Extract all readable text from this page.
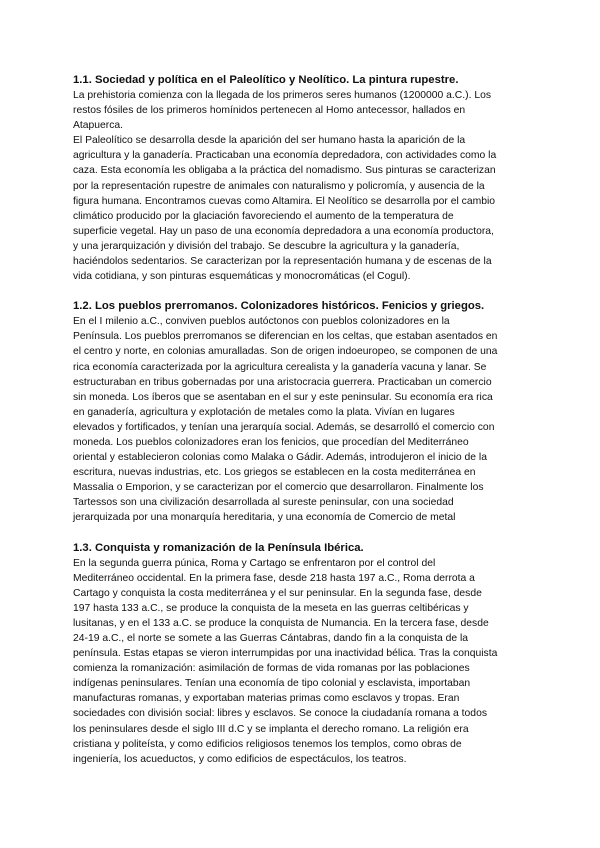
1.1. Sociedad y política en el Paleolítico y Neolítico. La pintura rupestre.

La prehistoria comienza con la llegada de los primeros seres humanos (1200000 a.C.). Los
restos fósiles de los primeros homínidos pertenecen al Homo antecessor, hallados en
Atapuerca.
El Paleolítico se desarrolla desde la aparición del ser humano hasta la aparición de la
agricultura y la ganadería. Practicaban una economía depredadora, con actividades como la
caza. Esta economía les obligaba a la práctica del nomadismo. Sus pinturas se caracterizan
por la representación rupestre de animales con naturalismo y policromía, y ausencia de la
figura humana. Encontramos cuevas como Altamira. El Neolítico se desarrolla por el cambio
climático producido por la glaciación favoreciendo el aumento de la temperatura de
superficie vegetal. Hay un paso de una economía depredadora a una economía productora,
y una jerarquización y división del trabajo. Se descubre la agricultura y la ganadería,
haciéndolos sedentarios. Se caracterizan por la representación humana y de escenas de la
vida cotidiana, y son pinturas esquemáticas y monocromáticas (el Cogul).

1.2. Los pueblos prerromanos. Colonizadores históricos. Fenicios y griegos.

En el I milenio a.C., conviven pueblos autóctonos con pueblos colonizadores en la
Península. Los pueblos prerromanos se diferencian en los celtas, que estaban asentados en
el centro y norte, en colonias amuralladas. Son de origen indoeuropeo, se componen de una
rica economía caracterizada por la agricultura cerealista y la ganadería vacuna y lanar. Se
estructuraban en tribus gobernadas por una aristocracia guerrera. Practicaban un comercio
sin moneda. Los íberos que se asentaban en el sur y este peninsular. Su economía era rica
en ganadería, agricultura y explotación de metales como la plata. Vivían en lugares
elevados y fortificados, y tenían una jerarquía social. Además, se desarrolló el comercio con
moneda. Los pueblos colonizadores eran los fenicios, que procedían del Mediterráneo
oriental y establecieron colonias como Malaka o Gádir. Además, introdujeron el inicio de la
escritura, nuevas industrias, etc. Los griegos se establecen en la costa mediterránea en
Massalia o Emporion, y se caracterizan por el comercio que desarrollaron. Finalmente los
Tartessos son una civilización desarrollada al sureste peninsular, con una sociedad
jerarquizada por una monarquía hereditaria, y una economía de Comercio de metal

1.3. Conquista y romanización de la Península Ibérica.

En la segunda guerra púnica, Roma y Cartago se enfrentaron por el control del
Mediterráneo occidental. En la primera fase, desde 218 hasta 197 a.C., Roma derrota a
Cartago y conquista la costa mediterránea y el sur peninsular. En la segunda fase, desde
197 hasta 133 a.C., se produce la conquista de la meseta en las guerras celtibéricas y
lusitanas, y en el 133 a.C. se produce la conquista de Numancia. En la tercera fase, desde
24-19 a.C., el norte se somete a las Guerras Cántabras, dando fin a la conquista de la
península. Estas etapas se vieron interrumpidas por una inactividad bélica. Tras la conquista
comienza la romanización: asimilación de formas de vida romanas por las poblaciones
indígenas peninsulares. Tenían una economía de tipo colonial y esclavista, importaban
manufacturas romanas, y exportaban materias primas como esclavos y tropas. Eran
sociedades con división social: libres y esclavos. Se conoce la ciudadanía romana a todos
los peninsulares desde el siglo III d.C y se implanta el derecho romano. La religión era
cristiana y politeísta, y como edificios religiosos tenemos los templos, como obras de
ingeniería, los acueductos, y como edificios de espectáculos, los teatros.
